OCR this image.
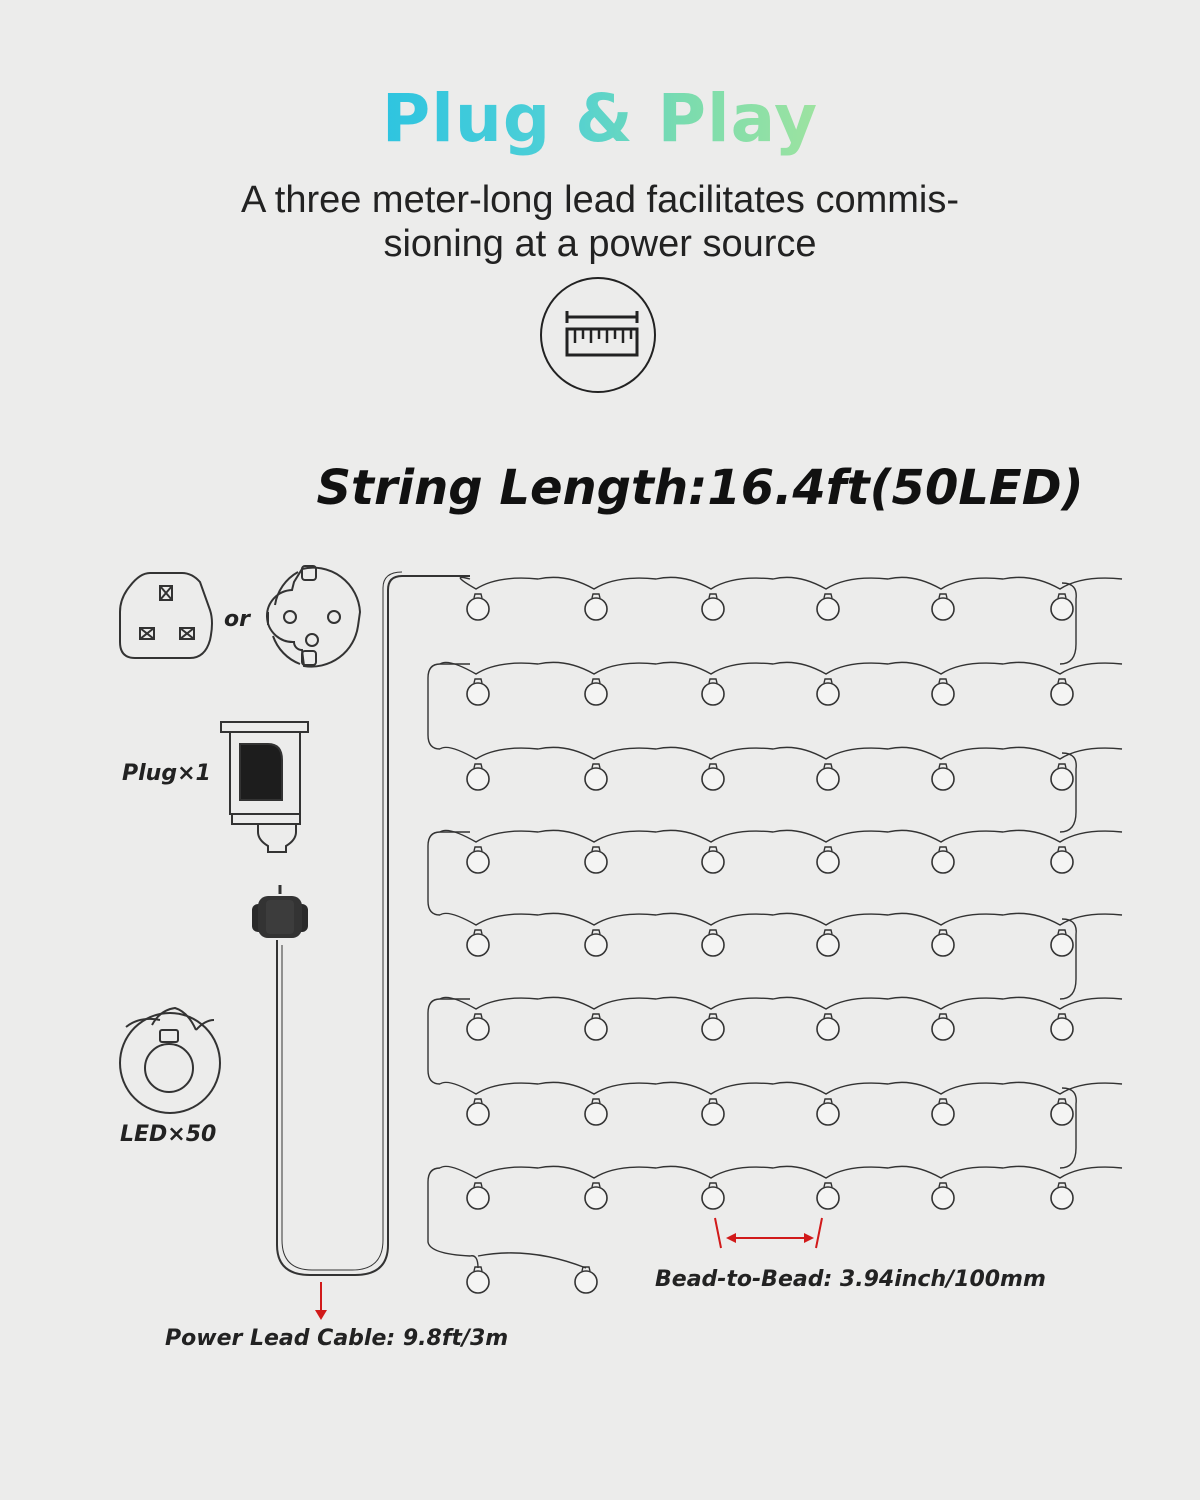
Plug & Play
A three meter-long lead facilitates commis-
sioning at a power source
String Length:16.4ft(50LED)
or
Plug×1
LED×50
Power Lead Cable: 9.8ft/3m
Bead-to-Bead: 3.94inch/100mm
